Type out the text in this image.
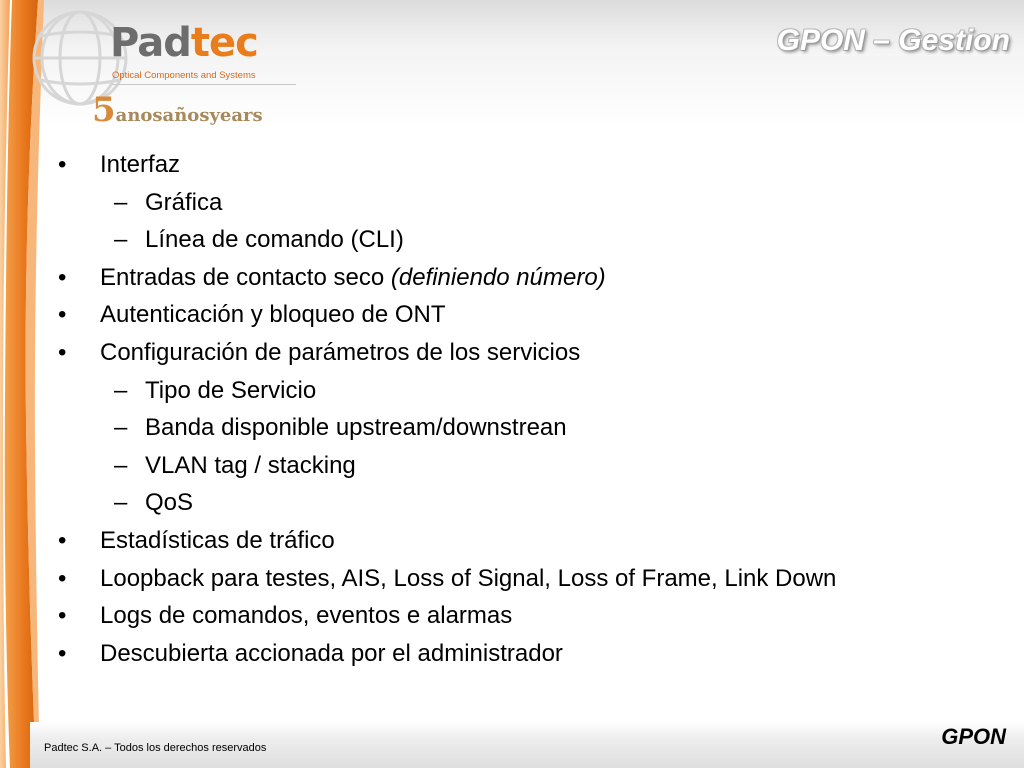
Padtec
Optical Components and Systems
5anosañosyears
GPON – Gestion
• Interfaz
– Gráfica
– Línea de comando (CLI)
• Entradas de contacto seco (definiendo número)
• Autenticación y bloqueo de ONT
• Configuración de parámetros de los servicios
– Tipo de Servicio
– Banda disponible upstream/downstrean
– VLAN tag / stacking
– QoS
• Estadísticas de tráfico
• Loopback para testes, AIS, Loss of Signal, Loss of Frame, Link Down
• Logs de comandos, eventos e alarmas
• Descubierta accionada por el administrador
Padtec S.A. – Todos los derechos reservados	GPON
